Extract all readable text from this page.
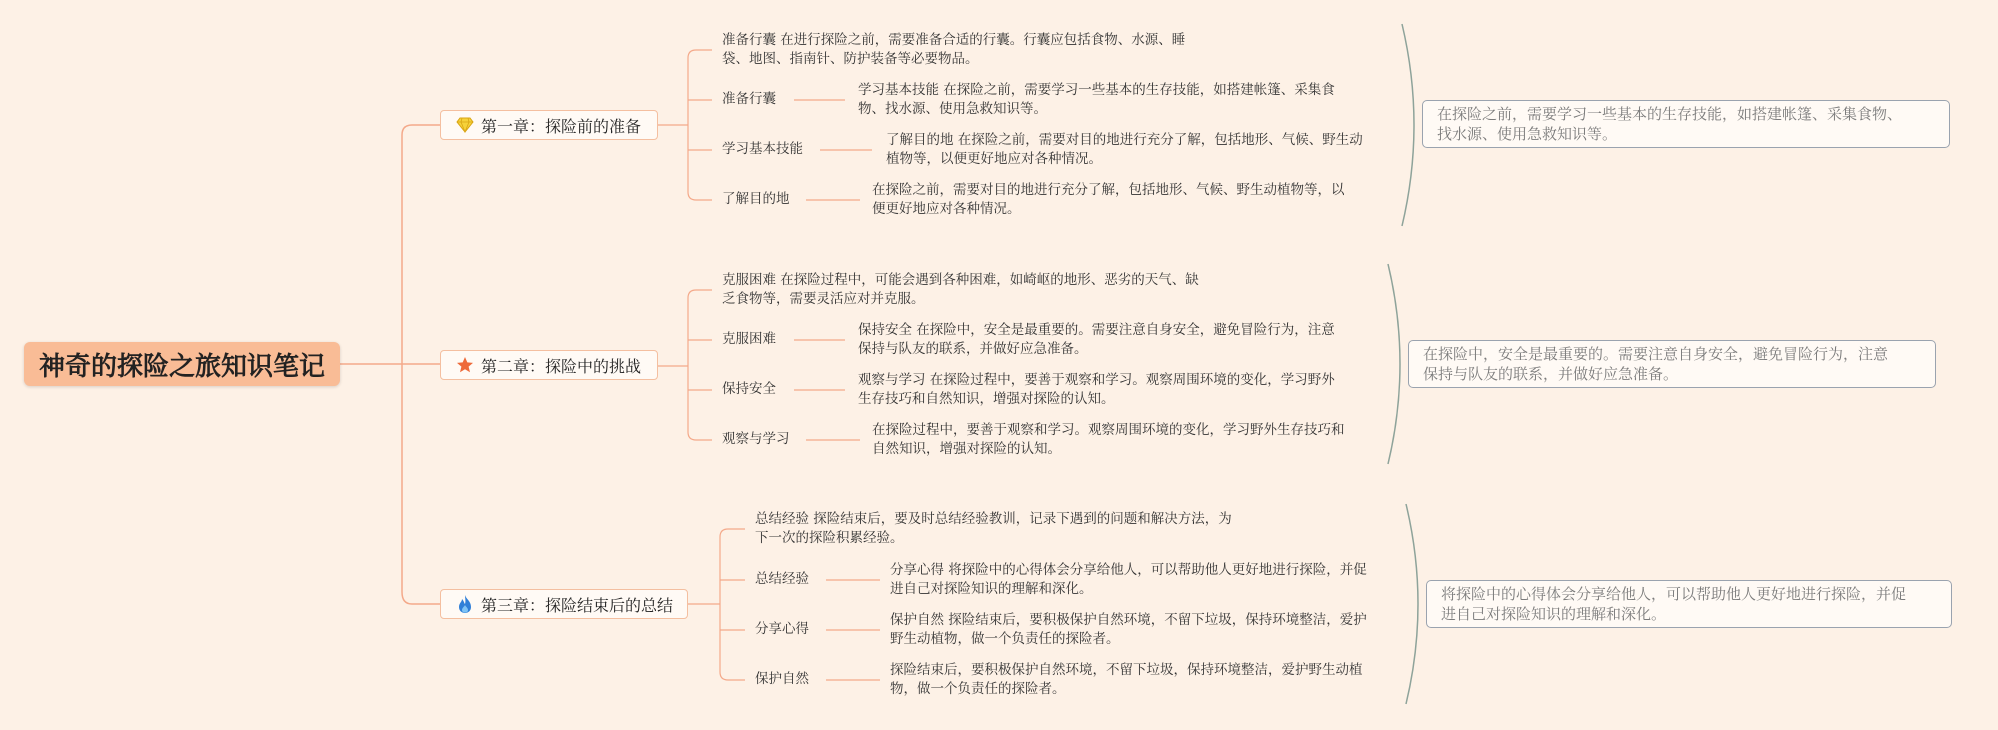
神奇的探险之旅知识笔记
第一章：探险前的准备
准备行囊 在进行探险之前，需要准备合适的行囊。行囊应包括食物、水源、睡
袋、地图、指南针、防护装备等必要物品。
准备行囊
学习基本技能 在探险之前，需要学习一些基本的生存技能，如搭建帐篷、采集食
物、找水源、使用急救知识等。
学习基本技能
了解目的地 在探险之前，需要对目的地进行充分了解，包括地形、气候、野生动
植物等，以便更好地应对各种情况。
了解目的地
在探险之前，需要对目的地进行充分了解，包括地形、气候、野生动植物等，以
便更好地应对各种情况。
在探险之前，需要学习一些基本的生存技能，如搭建帐篷、采集食物、
找水源、使用急救知识等。
第二章：探险中的挑战
克服困难 在探险过程中，可能会遇到各种困难，如崎岖的地形、恶劣的天气、缺
乏食物等，需要灵活应对并克服。
克服困难
保持安全 在探险中，安全是最重要的。需要注意自身安全，避免冒险行为，注意
保持与队友的联系，并做好应急准备。
保持安全
观察与学习 在探险过程中，要善于观察和学习。观察周围环境的变化，学习野外
生存技巧和自然知识，增强对探险的认知。
观察与学习
在探险过程中，要善于观察和学习。观察周围环境的变化，学习野外生存技巧和
自然知识，增强对探险的认知。
在探险中，安全是最重要的。需要注意自身安全，避免冒险行为，注意
保持与队友的联系，并做好应急准备。
第三章：探险结束后的总结
总结经验 探险结束后，要及时总结经验教训，记录下遇到的问题和解决方法，为
下一次的探险积累经验。
总结经验
分享心得 将探险中的心得体会分享给他人，可以帮助他人更好地进行探险，并促
进自己对探险知识的理解和深化。
分享心得
保护自然 探险结束后，要积极保护自然环境，不留下垃圾，保持环境整洁，爱护
野生动植物，做一个负责任的探险者。
保护自然
探险结束后，要积极保护自然环境，不留下垃圾，保持环境整洁，爱护野生动植
物，做一个负责任的探险者。
将探险中的心得体会分享给他人，可以帮助他人更好地进行探险，并促
进自己对探险知识的理解和深化。
